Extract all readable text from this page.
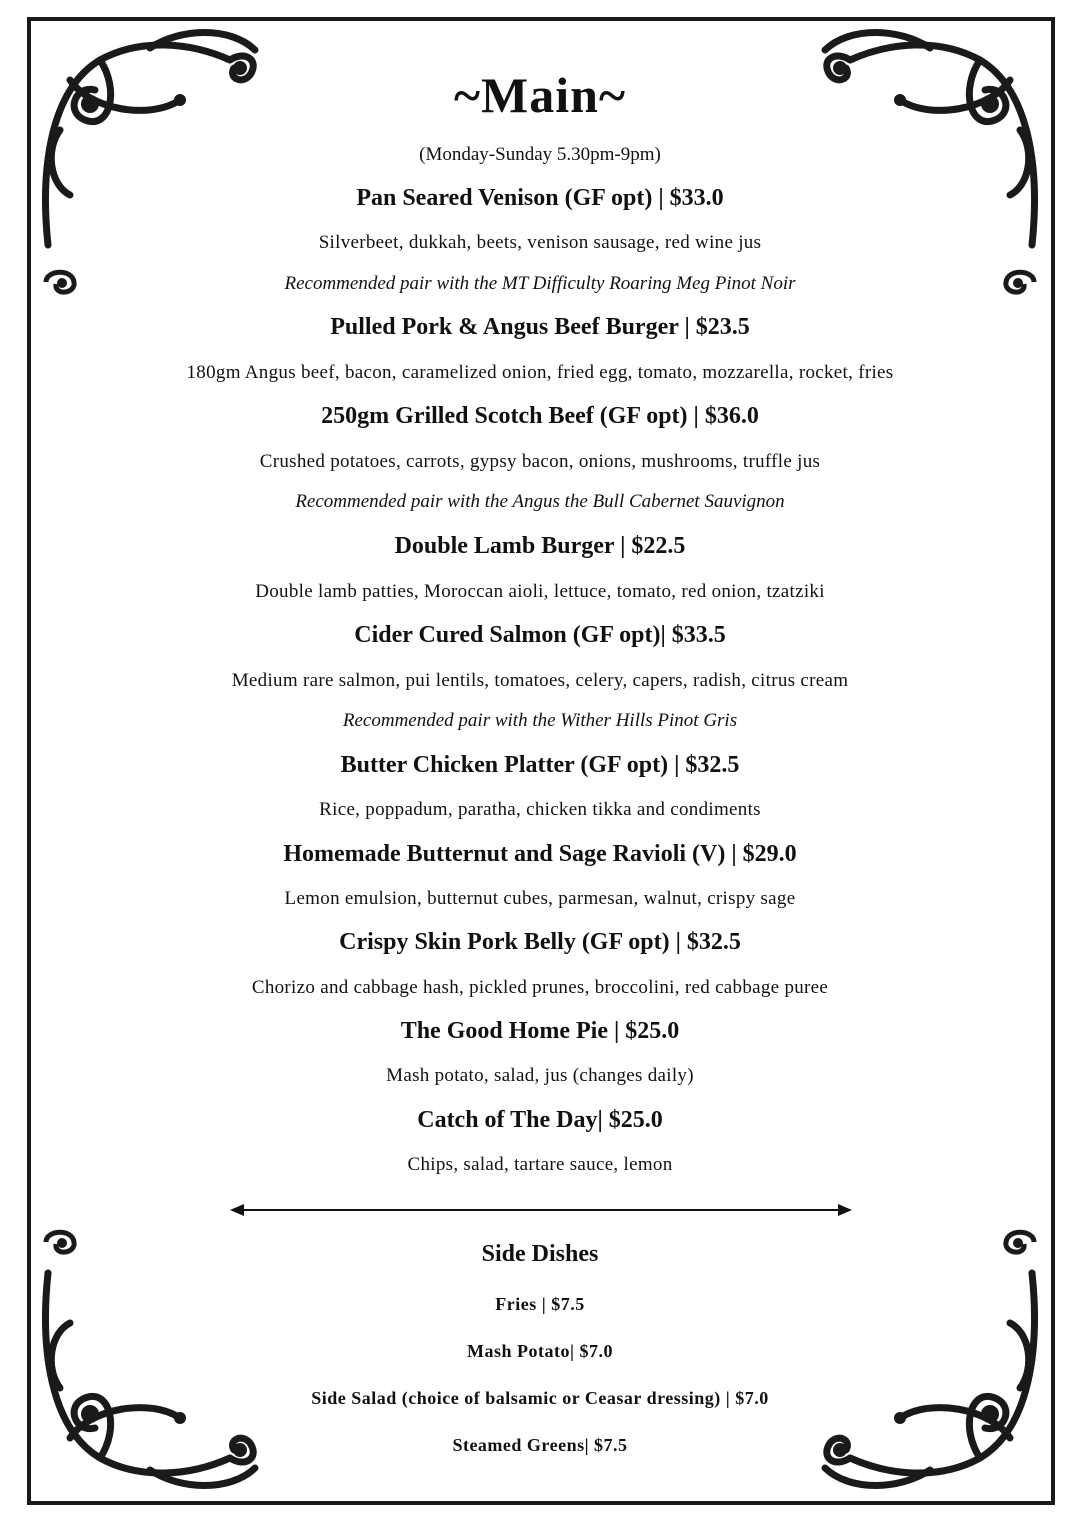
~Main~
(Monday-Sunday 5.30pm-9pm)
Pan Seared Venison (GF opt) | $33.0
Silverbeet, dukkah, beets, venison sausage, red wine jus
Recommended pair with the MT Difficulty Roaring Meg Pinot Noir
Pulled Pork & Angus Beef Burger | $23.5
180gm Angus beef, bacon, caramelized onion, fried egg, tomato, mozzarella, rocket, fries
250gm Grilled Scotch Beef (GF opt) | $36.0
Crushed potatoes, carrots, gypsy bacon, onions, mushrooms, truffle jus
Recommended pair with the Angus the Bull Cabernet Sauvignon
Double Lamb Burger | $22.5
Double lamb patties, Moroccan aioli, lettuce, tomato, red onion, tzatziki
Cider Cured Salmon (GF opt)| $33.5
Medium rare salmon, pui lentils, tomatoes, celery, capers, radish, citrus cream
Recommended pair with the Wither Hills Pinot Gris
Butter Chicken Platter (GF opt) | $32.5
Rice, poppadum, paratha, chicken tikka and condiments
Homemade Butternut and Sage Ravioli (V) | $29.0
Lemon emulsion, butternut cubes, parmesan, walnut, crispy sage
Crispy Skin Pork Belly (GF opt) | $32.5
Chorizo and cabbage hash, pickled prunes, broccolini, red cabbage puree
The Good Home Pie | $25.0
Mash potato, salad, jus (changes daily)
Catch of The Day| $25.0
Chips, salad, tartare sauce, lemon
Side Dishes
Fries | $7.5
Mash Potato| $7.0
Side Salad (choice of balsamic or Ceasar dressing) | $7.0
Steamed Greens| $7.5
